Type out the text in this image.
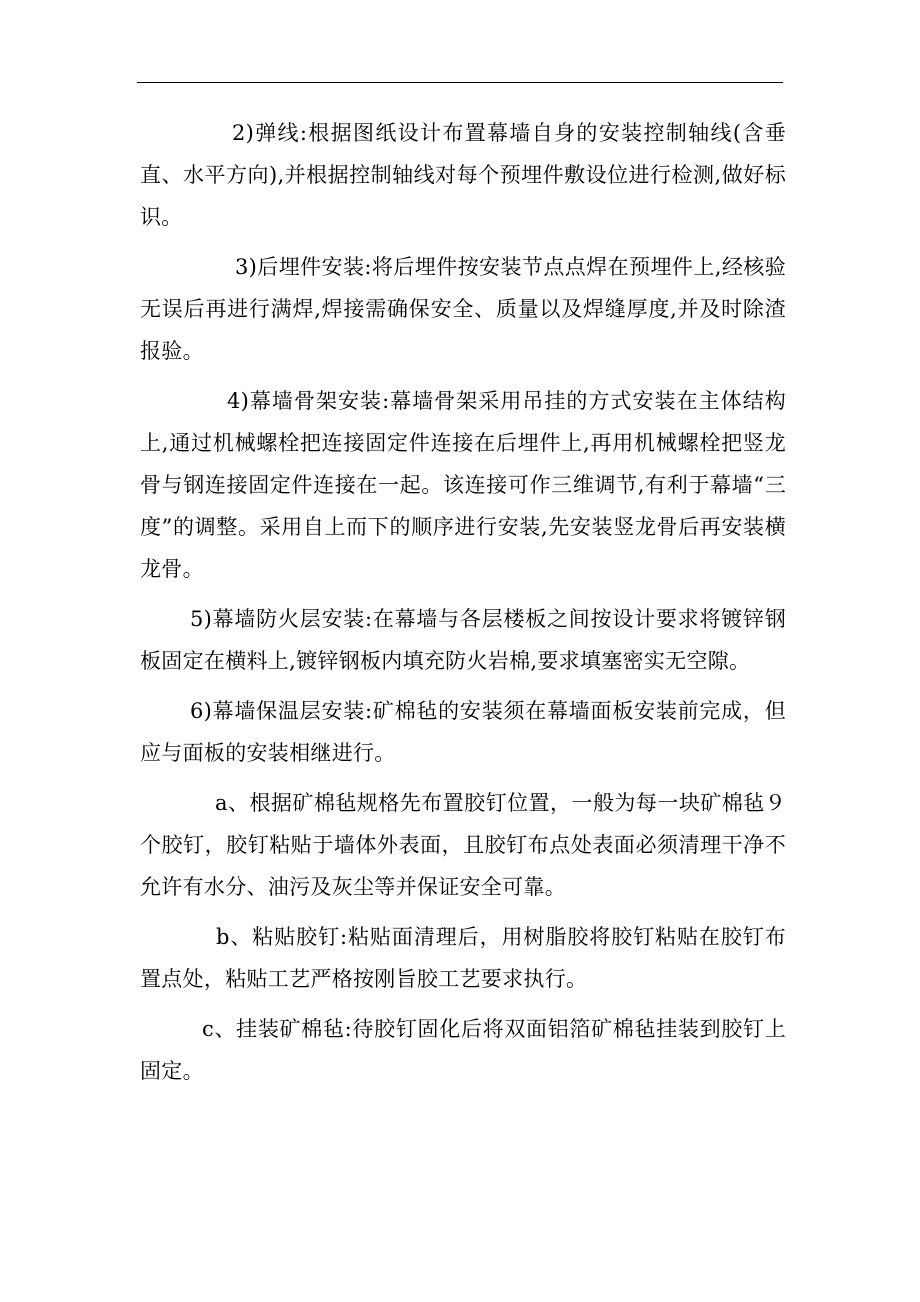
2)弹线:根据图纸设计布置幕墙自身的安装控制轴线(含垂直、水平方向),并根据控制轴线对每个预埋件敷设位进行检测,做好标识。

3)后埋件安装:将后埋件按安装节点点焊在预埋件上,经核验无误后再进行满焊,焊接需确保安全、质量以及焊缝厚度,并及时除渣报验。

4)幕墙骨架安装:幕墙骨架采用吊挂的方式安装在主体结构上,通过机械螺栓把连接固定件连接在后埋件上,再用机械螺栓把竖龙骨与钢连接固定件连接在一起。该连接可作三维调节,有利于幕墙“三度”的调整。采用自上而下的顺序进行安装,先安装竖龙骨后再安装横龙骨。

5)幕墙防火层安装:在幕墙与各层楼板之间按设计要求将镀锌钢板固定在横料上,镀锌钢板内填充防火岩棉,要求填塞密实无空隙。

6)幕墙保温层安装:矿棉毡的安装须在幕墙面板安装前完成，但应与面板的安装相继进行。

a、根据矿棉毡规格先布置胶钉位置，一般为每一块矿棉毡９个胶钉，胶钉粘贴于墙体外表面，且胶钉布点处表面必须清理干净不允许有水分、油污及灰尘等并保证安全可靠。

b、粘贴胶钉:粘贴面清理后，用树脂胶将胶钉粘贴在胶钉布置点处，粘贴工艺严格按刚旨胶工艺要求执行。

c、挂装矿棉毡:待胶钉固化后将双面铝箔矿棉毡挂装到胶钉上固定。
